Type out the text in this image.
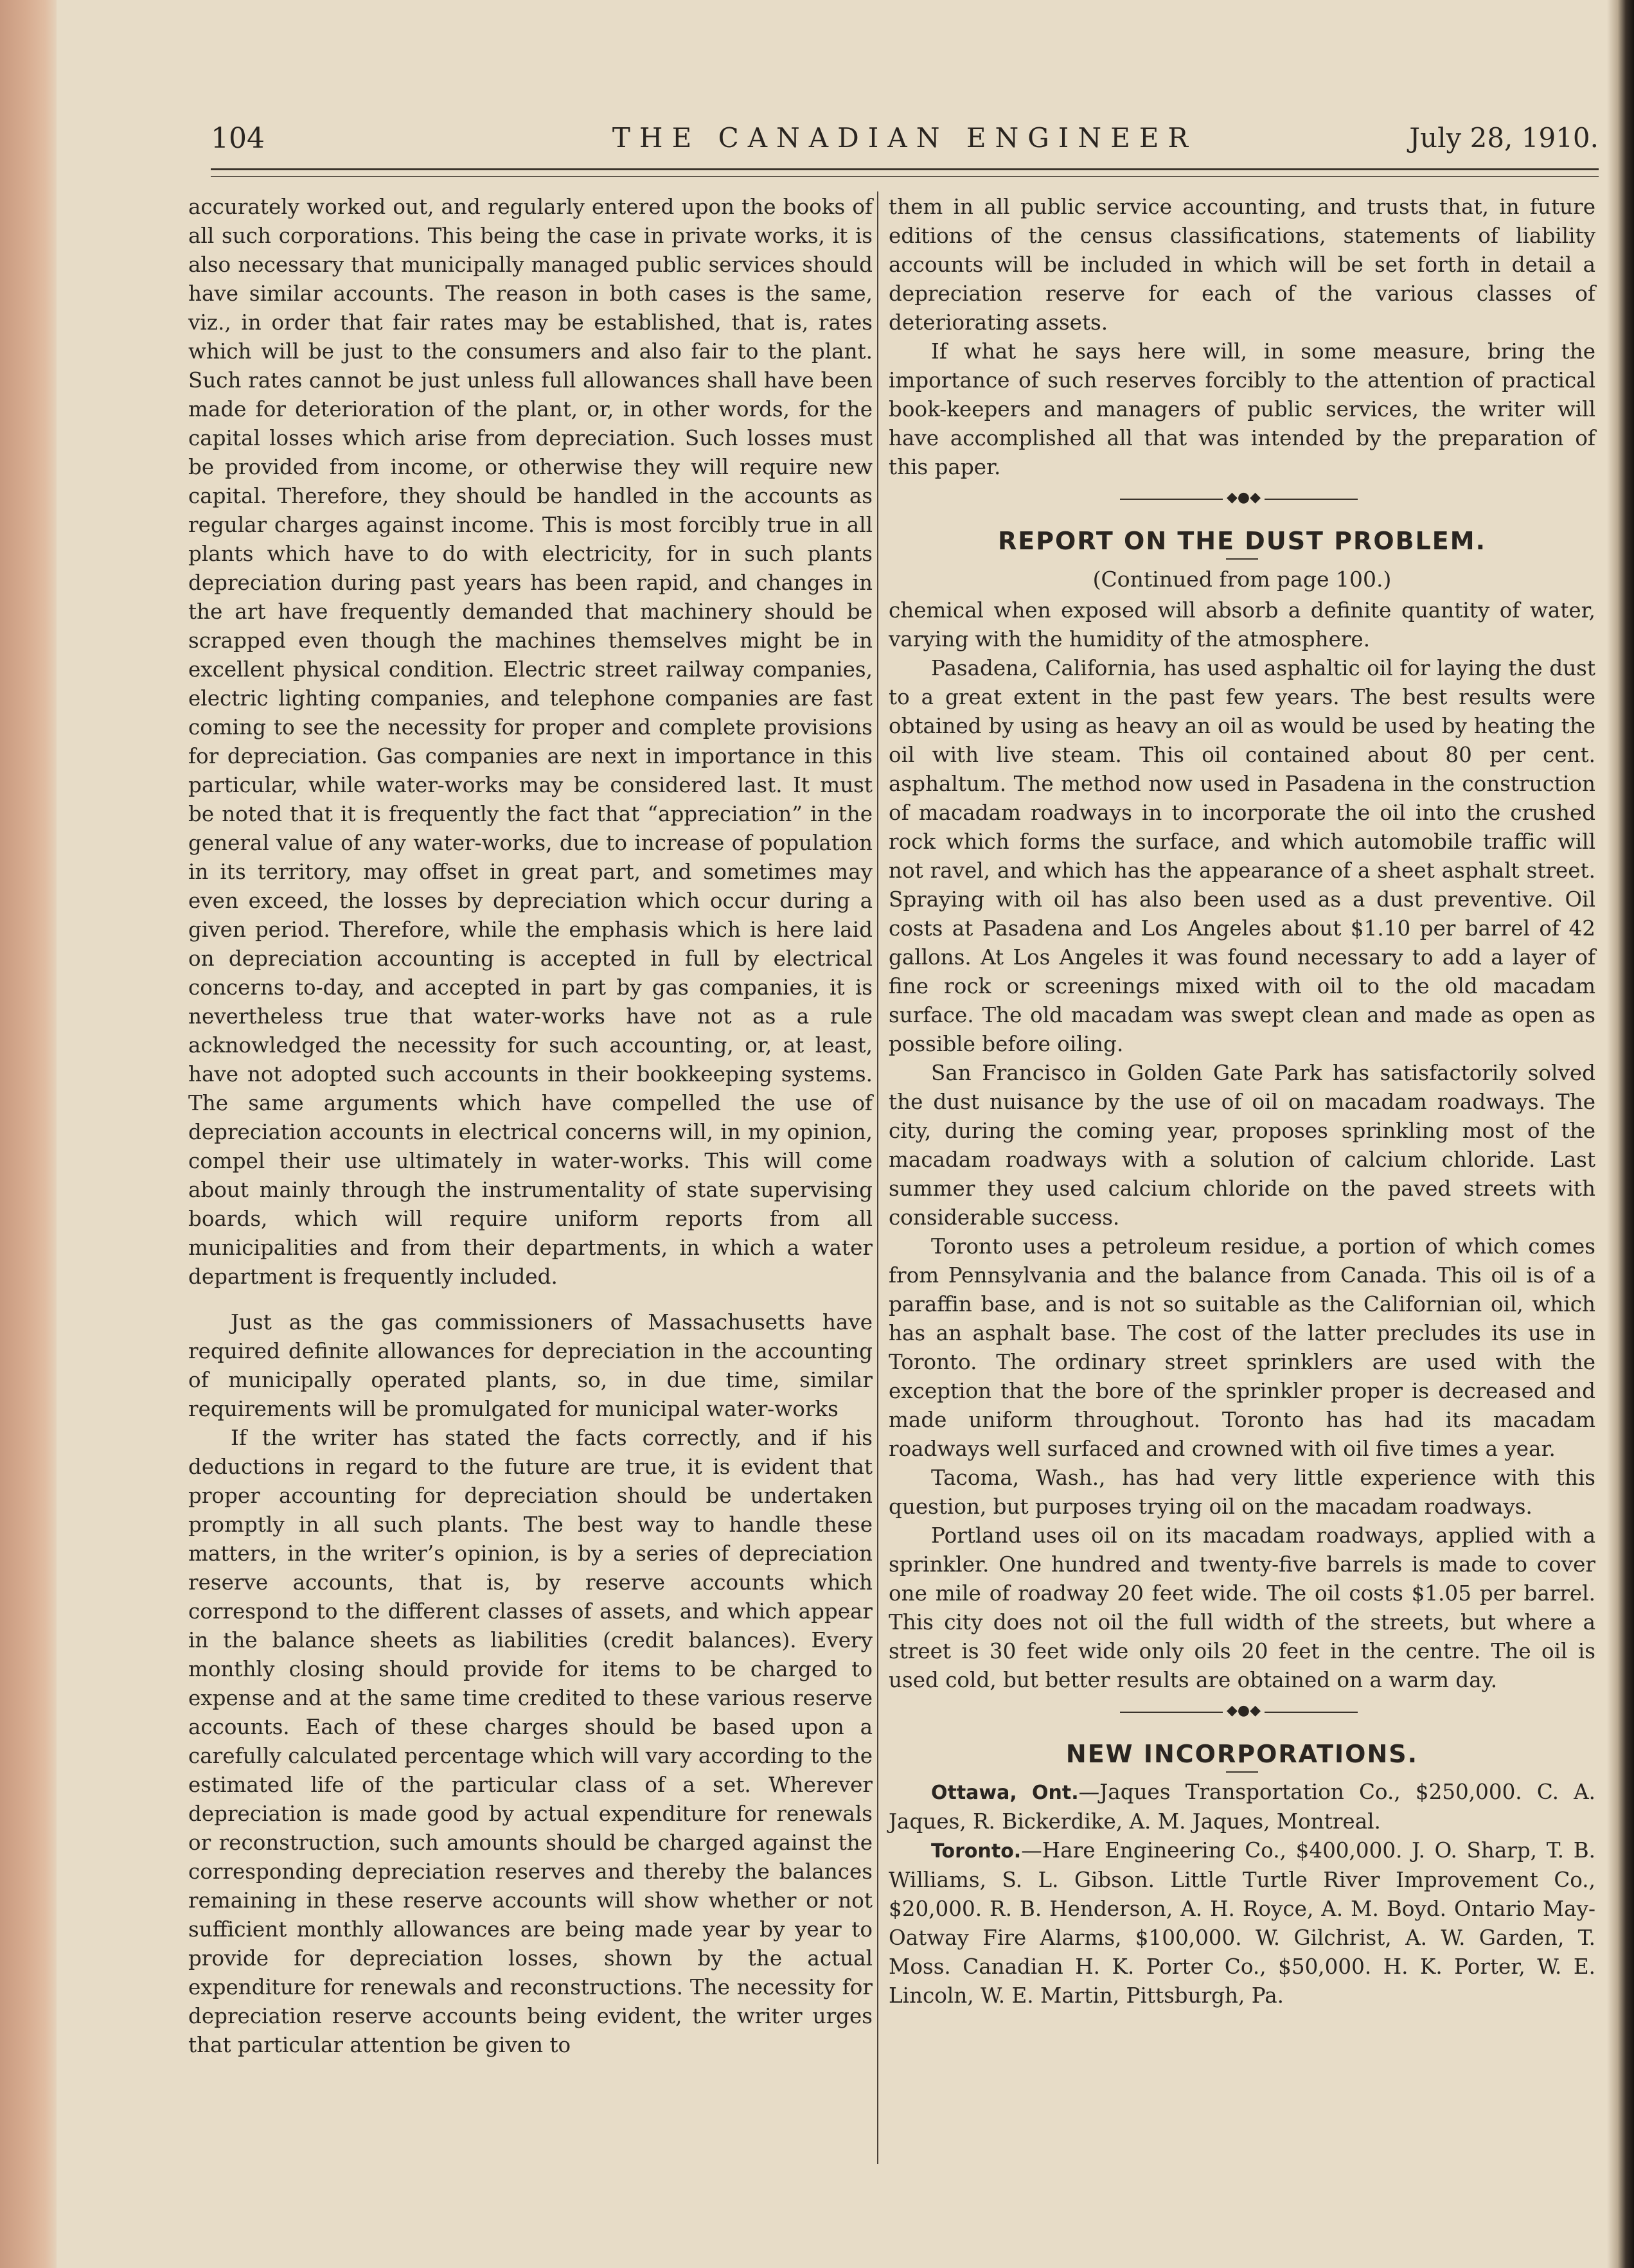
104	THE CANADIAN ENGINEER	July 28, 1910.

accurately worked out, and regularly entered upon the books of all such corporations. This being the case in private works, it is also necessary that municipally managed public services should have similar accounts. The reason in both cases is the same, viz., in order that fair rates may be established, that is, rates which will be just to the consumers and also fair to the plant. Such rates cannot be just unless full allowances shall have been made for deterioration of the plant, or, in other words, for the capital losses which arise from depreciation. Such losses must be provided from income, or otherwise they will require new capital. Therefore, they should be handled in the accounts as regular charges against income. This is most forcibly true in all plants which have to do with electricity, for in such plants depreciation during past years has been rapid, and changes in the art have frequently demanded that machinery should be scrapped even though the machines themselves might be in excellent physical condition. Electric street railway companies, electric lighting companies, and telephone companies are fast coming to see the necessity for proper and complete provisions for depreciation. Gas companies are next in importance in this particular, while water-works may be considered last. It must be noted that it is frequently the fact that “appreciation” in the general value of any water-works, due to increase of population in its territory, may offset in great part, and sometimes may even exceed, the losses by depreciation which occur during a given period. Therefore, while the emphasis which is here laid on depreciation accounting is accepted in full by electrical concerns to-day, and accepted in part by gas companies, it is nevertheless true that water-works have not as a rule acknowledged the necessity for such accounting, or, at least, have not adopted such accounts in their bookkeeping systems. The same arguments which have compelled the use of depreciation accounts in electrical concerns will, in my opinion, compel their use ultimately in water-works. This will come about mainly through the instrumentality of state supervising boards, which will require uniform reports from all municipalities and from their departments, in which a water department is frequently included.

Just as the gas commissioners of Massachusetts have required definite allowances for depreciation in the accounting of municipally operated plants, so, in due time, similar requirements will be promulgated for municipal water-works

If the writer has stated the facts correctly, and if his deductions in regard to the future are true, it is evident that proper accounting for depreciation should be undertaken promptly in all such plants. The best way to handle these matters, in the writer’s opinion, is by a series of depreciation reserve accounts, that is, by reserve accounts which correspond to the different classes of assets, and which appear in the balance sheets as liabilities (credit balances). Every monthly closing should provide for items to be charged to expense and at the same time credited to these various reserve accounts. Each of these charges should be based upon a carefully calculated percentage which will vary according to the estimated life of the particular class of a set. Wherever depreciation is made good by actual expenditure for renewals or reconstruction, such amounts should be charged against the corresponding depreciation reserves and thereby the balances remaining in these reserve accounts will show whether or not sufficient monthly allowances are being made year by year to provide for depreciation losses, shown by the actual expenditure for renewals and reconstructions. The necessity for depreciation reserve accounts being evident, the writer urges that particular attention be given to

them in all public service accounting, and trusts that, in future editions of the census classifications, statements of liability accounts will be included in which will be set forth in detail a depreciation reserve for each of the various classes of deteriorating assets.

If what he says here will, in some measure, bring the importance of such reserves forcibly to the attention of practical book-keepers and managers of public services, the writer will have accomplished all that was intended by the preparation of this paper.

◆●◆
REPORT ON THE DUST PROBLEM.
(Continued from page 100.)

chemical when exposed will absorb a definite quantity of water, varying with the humidity of the atmosphere.

Pasadena, California, has used asphaltic oil for laying the dust to a great extent in the past few years. The best results were obtained by using as heavy an oil as would be used by heating the oil with live steam. This oil contained about 80 per cent. asphaltum. The method now used in Pasadena in the construction of macadam roadways in to incorporate the oil into the crushed rock which forms the surface, and which automobile traffic will not ravel, and which has the appearance of a sheet asphalt street. Spraying with oil has also been used as a dust preventive. Oil costs at Pasadena and Los Angeles about $1.10 per barrel of 42 gallons. At Los Angeles it was found necessary to add a layer of fine rock or screenings mixed with oil to the old macadam surface. The old macadam was swept clean and made as open as possible before oiling.

San Francisco in Golden Gate Park has satisfactorily solved the dust nuisance by the use of oil on macadam roadways. The city, during the coming year, proposes sprinkling most of the macadam roadways with a solution of calcium chloride. Last summer they used calcium chloride on the paved streets with considerable success.

Toronto uses a petroleum residue, a portion of which comes from Pennsylvania and the balance from Canada. This oil is of a paraffin base, and is not so suitable as the Californian oil, which has an asphalt base. The cost of the latter precludes its use in Toronto. The ordinary street sprinklers are used with the exception that the bore of the sprinkler proper is decreased and made uniform throughout. Toronto has had its macadam roadways well surfaced and crowned with oil five times a year.

Tacoma, Wash., has had very little experience with this question, but purposes trying oil on the macadam roadways.

Portland uses oil on its macadam roadways, applied with a sprinkler. One hundred and twenty-five barrels is made to cover one mile of roadway 20 feet wide. The oil costs $1.05 per barrel. This city does not oil the full width of the streets, but where a street is 30 feet wide only oils 20 feet in the centre. The oil is used cold, but better results are obtained on a warm day.

◆●◆
NEW INCORPORATIONS.

Ottawa, Ont.—Jaques Transportation Co., $250,000. C. A. Jaques, R. Bickerdike, A. M. Jaques, Montreal.

Toronto.—Hare Engineering Co., $400,000. J. O. Sharp, T. B. Williams, S. L. Gibson. Little Turtle River Improvement Co., $20,000. R. B. Henderson, A. H. Royce, A. M. Boyd. Ontario May-Oatway Fire Alarms, $100,000. W. Gilchrist, A. W. Garden, T. Moss. Canadian H. K. Porter Co., $50,000. H. K. Porter, W. E. Lincoln, W. E. Martin, Pittsburgh, Pa.
